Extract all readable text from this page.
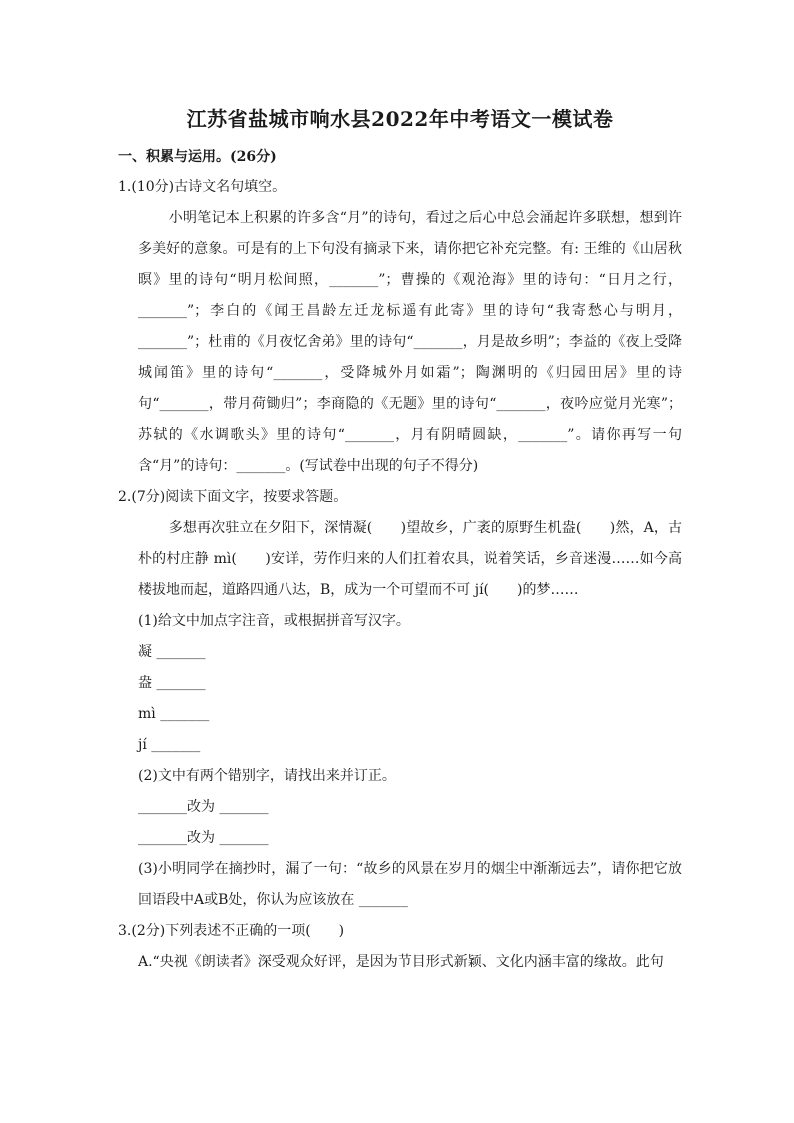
江苏省盐城市响水县2022年中考语文一模试卷

一、积累与运用。(26分)

1.(10分)古诗文名句填空。

小明笔记本上积累的许多含“月”的诗句，看过之后心中总会涌起许多联想，想到许多美好的意象。可是有的上下句没有摘录下来，请你把它补充完整。有: 王维的《山居秋暝》里的诗句“明月松间照，_______”；曹操的《观沧海》里的诗句：“日月之行，_______”；李白的《闻王昌龄左迁龙标遥有此寄》里的诗句“我寄愁心与明月，_______”；杜甫的《月夜忆舍弟》里的诗句“_______，月是故乡明”；李益的《夜上受降城闻笛》里的诗句“_______，受降城外月如霜”；陶渊明的《归园田居》里的诗句“_______，带月荷锄归”；李商隐的《无题》里的诗句“_______，夜吟应觉月光寒”；苏轼的《水调歌头》里的诗句“_______，月有阴晴圆缺，_______”。请你再写一句含“月”的诗句：_______。(写试卷中出现的句子不得分)

2.(7分)阅读下面文字，按要求答题。

多想再次驻立在夕阳下，深情凝(　　)望故乡，广袤的原野生机盎(　　)然，A，古朴的村庄静 mì(　　)安详，劳作归来的人们扛着农具，说着笑话，乡音迷漫……如今高楼拔地而起，道路四通八达，B，成为一个可望而不可 jí(　　)的梦……

(1)给文中加点字注音，或根据拼音写汉字。

凝 _______

盎 _______

mì _______

jí _______

(2)文中有两个错别字，请找出来并订正。

_______改为 _______

_______改为 _______

(3)小明同学在摘抄时，漏了一句：“故乡的风景在岁月的烟尘中渐渐远去”，请你把它放回语段中A或B处，你认为应该放在 _______

3.(2分)下列表述不正确的一项(　　)

A.“央视《朗读者》深受观众好评，是因为节目形式新颖、文化内涵丰富的缘故。此句
